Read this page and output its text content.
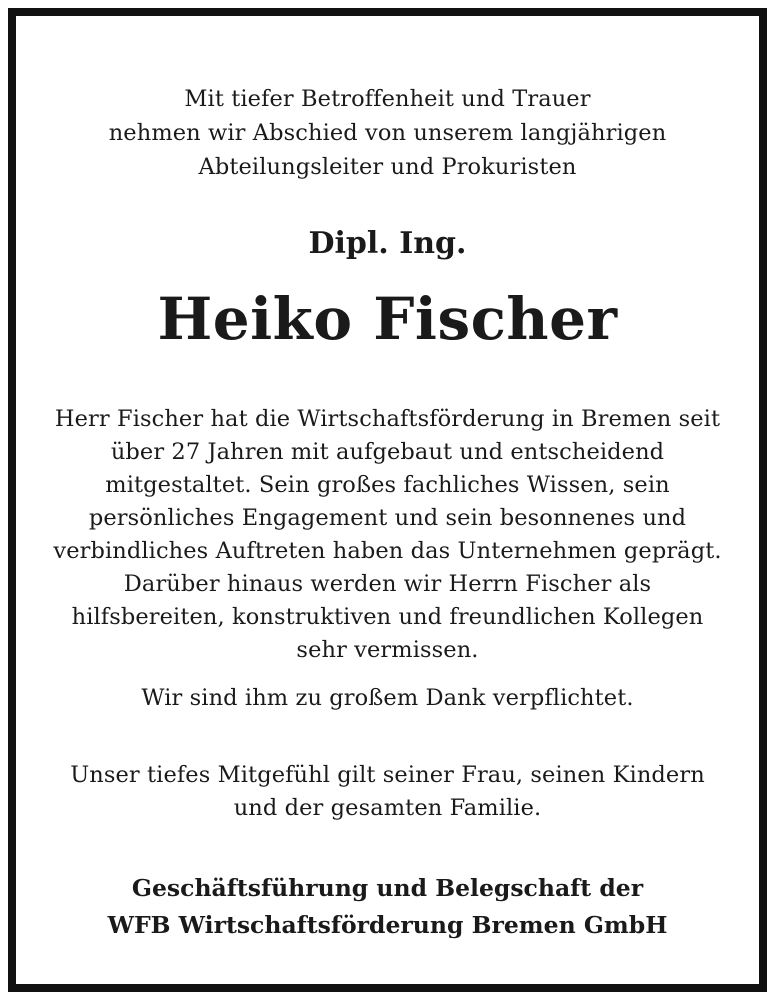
Mit tiefer Betroffenheit und Trauer
nehmen wir Abschied von unserem langjährigen
Abteilungsleiter und Prokuristen
Dipl. Ing.
Heiko Fischer
Herr Fischer hat die Wirtschaftsförderung in Bremen seit
über 27 Jahren mit aufgebaut und entscheidend
mitgestaltet. Sein großes fachliches Wissen, sein
persönliches Engagement und sein besonnenes und
verbindliches Auftreten haben das Unternehmen geprägt.
Darüber hinaus werden wir Herrn Fischer als
hilfsbereiten, konstruktiven und freundlichen Kollegen
sehr vermissen.
Wir sind ihm zu großem Dank verpflichtet.
Unser tiefes Mitgefühl gilt seiner Frau, seinen Kindern
und der gesamten Familie.
Geschäftsführung und Belegschaft der
WFB Wirtschaftsförderung Bremen GmbH
